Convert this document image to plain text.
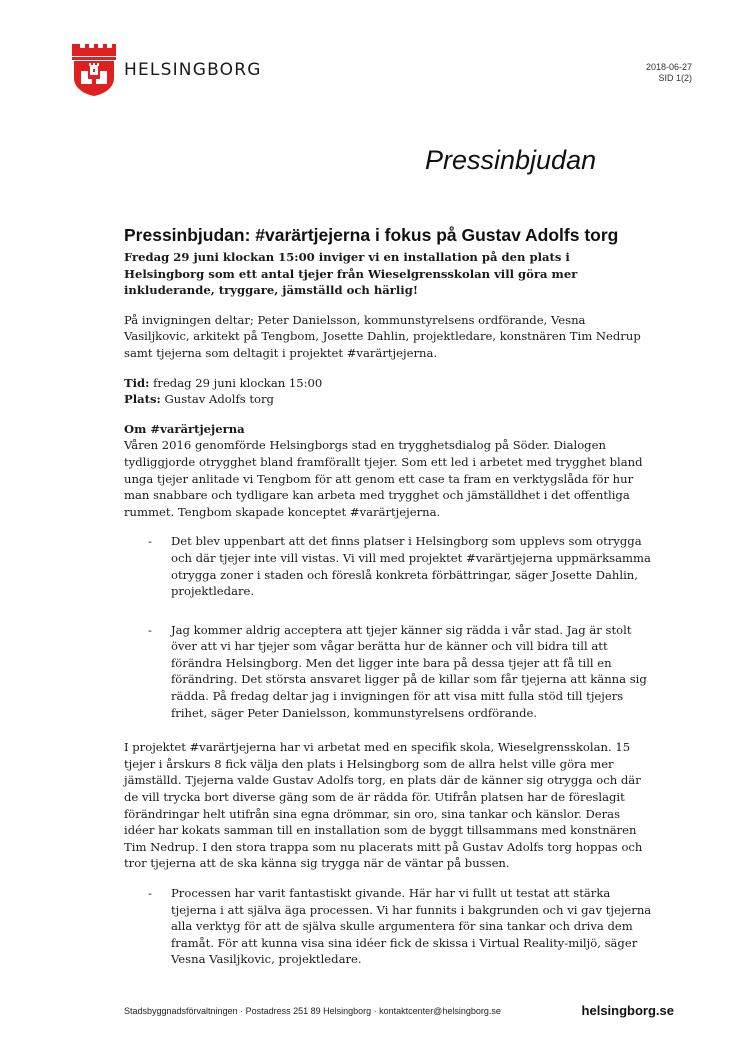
HELSINGBORG	2018-06-27
SID 1(2)
Pressinbjudan
Pressinbjudan: #varärtjejerna i fokus på Gustav Adolfs torg

Fredag 29 juni klockan 15:00 inviger vi en installation på den plats i Helsingborg som ett antal tjejer från Wieselgrensskolan vill göra mer inkluderande, tryggare, jämställd och härlig!

På invigningen deltar; Peter Danielsson, kommunstyrelsens ordförande, Vesna Vasiljkovic, arkitekt på Tengbom, Josette Dahlin, projektledare, konstnären Tim Nedrup samt tjejerna som deltagit i projektet #varärtjejerna.

Tid: fredag 29 juni klockan 15:00
Plats: Gustav Adolfs torg

Om #varärtjejerna

Våren 2016 genomförde Helsingborgs stad en trygghetsdialog på Söder. Dialogen tydliggjorde otrygghet bland framförallt tjejer. Som ett led i arbetet med trygghet bland unga tjejer anlitade vi Tengbom för att genom ett case ta fram en verktygslåda för hur man snabbare och tydligare kan arbeta med trygghet och jämställdhet i det offentliga rummet. Tengbom skapade konceptet #varärtjejerna.

- Det blev uppenbart att det finns platser i Helsingborg som upplevs som otrygga och där tjejer inte vill vistas. Vi vill med projektet #varärtjejerna uppmärksamma otrygga zoner i staden och föreslå konkreta förbättringar, säger Josette Dahlin, projektledare.
- Jag kommer aldrig acceptera att tjejer känner sig rädda i vår stad. Jag är stolt över att vi har tjejer som vågar berätta hur de känner och vill bidra till att förändra Helsingborg. Men det ligger inte bara på dessa tjejer att få till en förändring. Det största ansvaret ligger på de killar som får tjejerna att känna sig rädda. På fredag deltar jag i invigningen för att visa mitt fulla stöd till tjejers frihet, säger Peter Danielsson, kommunstyrelsens ordförande.

I projektet #varärtjejerna har vi arbetat med en specifik skola, Wieselgrensskolan. 15 tjejer i årskurs 8 fick välja den plats i Helsingborg som de allra helst ville göra mer jämställd. Tjejerna valde Gustav Adolfs torg, en plats där de känner sig otrygga och där de vill trycka bort diverse gäng som de är rädda för. Utifrån platsen har de föreslagit förändringar helt utifrån sina egna drömmar, sin oro, sina tankar och känslor. Deras idéer har kokats samman till en installation som de byggt tillsammans med konstnären Tim Nedrup. I den stora trappa som nu placerats mitt på Gustav Adolfs torg hoppas och tror tjejerna att de ska känna sig trygga när de väntar på bussen.

- Processen har varit fantastiskt givande. Här har vi fullt ut testat att stärka tjejerna i att själva äga processen. Vi har funnits i bakgrunden och vi gav tjejerna alla verktyg för att de själva skulle argumentera för sina tankar och driva dem framåt. För att kunna visa sina idéer fick de skissa i Virtual Reality-miljö, säger Vesna Vasiljkovic, projektledare.
Stadsbyggnadsförvaltningen · Postadress 251 89 Helsingborg · kontaktcenter@helsingborg.se	helsingborg.se
